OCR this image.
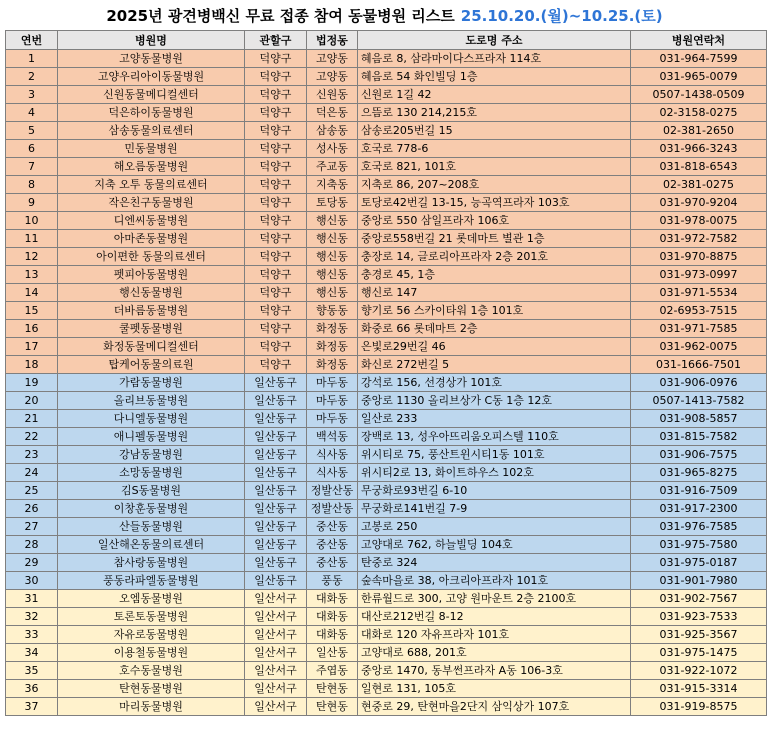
2025년 광견병백신 무료 접종 참여 동물병원 리스트 25.10.20.(월)~10.25.(토)
연번	병원명	관할구	법정동	도로명 주소	병원연락처
1	고양동물병원	덕양구	고양동	혜음로 8, 삼라마이다스프라자 114호	031-964-7599
2	고양우리아이동물병원	덕양구	고양동	혜음로 54 화인빌딩 1층	031-965-0079
3	신원동물메디컬센터	덕양구	신원동	신원로 1길 42	0507-1438-0509
4	덕은하이동물병원	덕양구	덕은동	으뜸로 130 214,215호	02-3158-0275
5	삼송동물의료센터	덕양구	삼송동	삼송로205번길 15	02-381-2650
6	민동물병원	덕양구	성사동	호국로 778-6	031-966-3243
7	해오름동물병원	덕양구	주교동	호국로 821, 101호	031-818-6543
8	지축 오투 동물의료센터	덕양구	지축동	지축로 86, 207~208호	02-381-0275
9	작은친구동물병원	덕양구	토당동	토당로42번길 13-15, 능곡역프라자 103호	031-970-9204
10	디엔씨동물병원	덕양구	행신동	중앙로 550 삼일프라자 106호	031-978-0075
11	아마존동물병원	덕양구	행신동	중앙로558번길 21 롯데마트 별관 1층	031-972-7582
12	아이편한 동물의료센터	덕양구	행신동	충장로 14, 글로리아프라자 2층 201호	031-970-8875
13	펫피아동물병원	덕양구	행신동	충경로 45, 1층	031-973-0997
14	행신동물병원	덕양구	행신동	행신로 147	031-971-5534
15	더바름동물병원	덕양구	향동동	향기로 56 스카이타워 1층 101호	02-6953-7515
16	쿨펫동물병원	덕양구	화정동	화중로 66 롯데마트 2층	031-971-7585
17	화정동물메디컬센터	덕양구	화정동	은빛로29번길 46	031-962-0075
18	탑케어동물의료원	덕양구	화정동	화신로 272번길 5	031-1666-7501
19	가람동물병원	일산동구	마두동	강석로 156, 선경상가 101호	031-906-0976
20	올리브동물병원	일산동구	마두동	중앙로 1130 올리브상가 C동 1층 12호	0507-1413-7582
21	다니엘동물병원	일산동구	마두동	일산로 233	031-908-5857
22	애니펠동물병원	일산동구	백석동	장백로 13, 성우아뜨리움오피스텔 110호	031-815-7582
23	강남동물병원	일산동구	식사동	위시티로 75, 풍산트윈시티1동 101호	031-906-7575
24	소망동물병원	일산동구	식사동	위시티2로 13, 화이트하우스 102호	031-965-8275
25	김S동물병원	일산동구	정발산동	무궁화로93번길 6-10	031-916-7509
26	이창훈동물병원	일산동구	정발산동	무궁화로141번길 7-9	031-917-2300
27	산들동물병원	일산동구	중산동	고봉로 250	031-976-7585
28	일산해온동물의료센터	일산동구	중산동	고양대로 762, 하늘빌딩 104호	031-975-7580
29	참사랑동물병원	일산동구	중산동	탄중로 324	031-975-0187
30	풍동라파엘동물병원	일산동구	풍동	숲속마을로 38, 아크리아프라자 101호	031-901-7980
31	오엠동물병원	일산서구	대화동	한류월드로 300, 고양 원마운트 2층 2100호	031-902-7567
32	토론토동물병원	일산서구	대화동	대산로212번길 8-12	031-923-7533
33	자유로동물병원	일산서구	대화동	대화로 120 자유프라자 101호	031-925-3567
34	이용철동물병원	일산서구	일산동	고양대로 688, 201호	031-975-1475
35	호수동물병원	일산서구	주엽동	중앙로 1470, 동부썬프라자 A동 106-3호	031-922-1072
36	탄현동물병원	일산서구	탄현동	일현로 131, 105호	031-915-3314
37	마리동물병원	일산서구	탄현동	현중로 29, 탄현마을2단지 삼익상가 107호	031-919-8575
